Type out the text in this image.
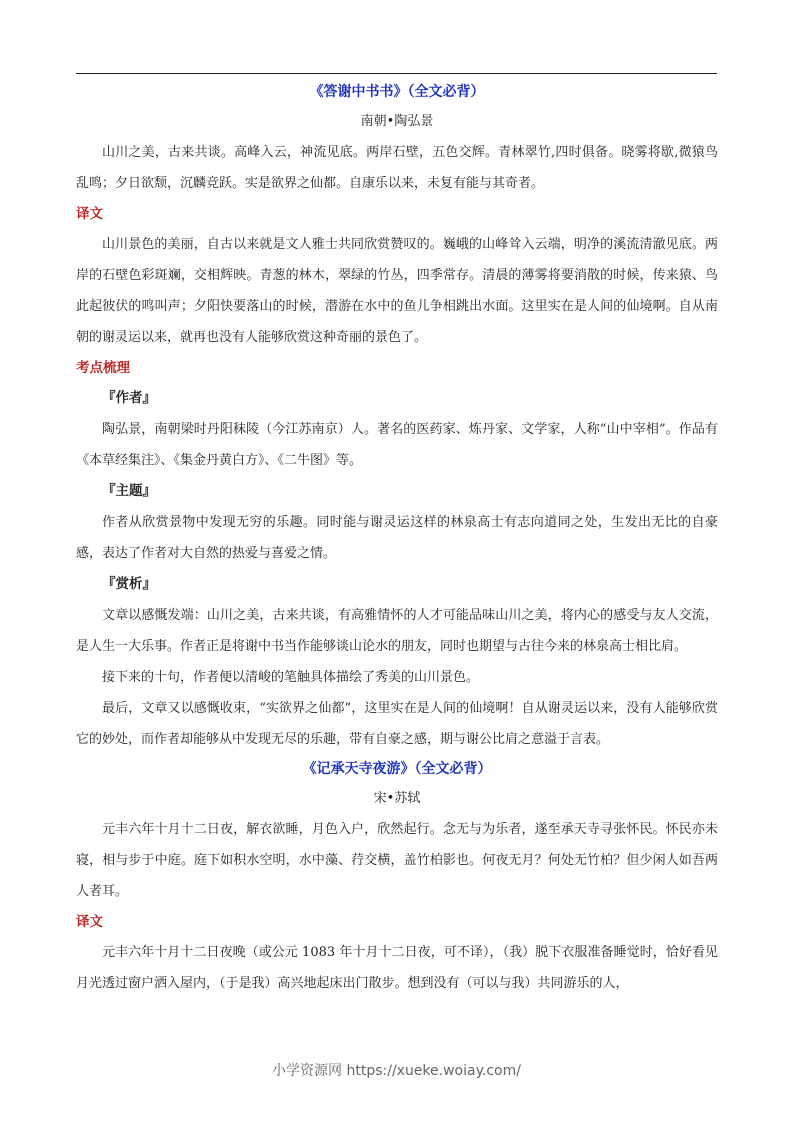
《答谢中书书》（全文必背）
南朝•陶弘景
山川之美，古来共谈。高峰入云，神流见底。两岸石壁，五色交辉。青林翠竹,四时俱备。晓雾将歇,微猿鸟乱鸣；夕日欲颓，沉麟竞跃。实是欲界之仙都。自康乐以来，未复有能与其奇者。
译文
山川景色的美丽，自古以来就是文人雅士共同欣赏赞叹的。巍峨的山峰耸入云端，明净的溪流清澈见底。两岸的石壁色彩斑斓，交相辉映。青葱的林木，翠绿的竹丛，四季常存。清晨的薄雾将要消散的时候，传来猿、鸟此起彼伏的鸣叫声；夕阳快要落山的时候，潜游在水中的鱼儿争相跳出水面。这里实在是人间的仙境啊。自从南朝的谢灵运以来，就再也没有人能够欣赏这种奇丽的景色了。
考点梳理
『作者』
陶弘景，南朝梁时丹阳秣陵（今江苏南京）人。著名的医药家、炼丹家、文学家，人称“山中宰相”。作品有《本草经集注》、《集金丹黄白方》、《二牛图》等。
『主题』
作者从欣赏景物中发现无穷的乐趣。同时能与谢灵运这样的林泉高士有志向道同之处，生发出无比的自豪感，表达了作者对大自然的热爱与喜爱之情。
『赏析』
文章以感慨发端：山川之美，古来共谈，有高雅情怀的人才可能品味山川之美，将内心的感受与友人交流，是人生一大乐事。作者正是将谢中书当作能够谈山论水的朋友，同时也期望与古往今来的林泉高士相比肩。
接下来的十句，作者便以清峻的笔触具体描绘了秀美的山川景色。
最后，文章又以感慨收束，“实欲界之仙都”，这里实在是人间的仙境啊！自从谢灵运以来，没有人能够欣赏它的妙处，而作者却能够从中发现无尽的乐趣，带有自豪之感，期与谢公比肩之意溢于言表。
《记承天寺夜游》（全文必背）
宋•苏轼
元丰六年十月十二日夜，解衣欲睡，月色入户，欣然起行。念无与为乐者，遂至承天寺寻张怀民。怀民亦未寝，相与步于中庭。庭下如积水空明，水中藻、荇交横，盖竹柏影也。何夜无月？何处无竹柏？但少闲人如吾两人者耳。
译文
元丰六年十月十二日夜晚（或公元 1083 年十月十二日夜，可不译），（我）脱下衣服准备睡觉时，恰好看见月光透过窗户洒入屋内，（于是我）高兴地起床出门散步。想到没有（可以与我）共同游乐的人，
小学资源网 https://xueke.woiay.com/
